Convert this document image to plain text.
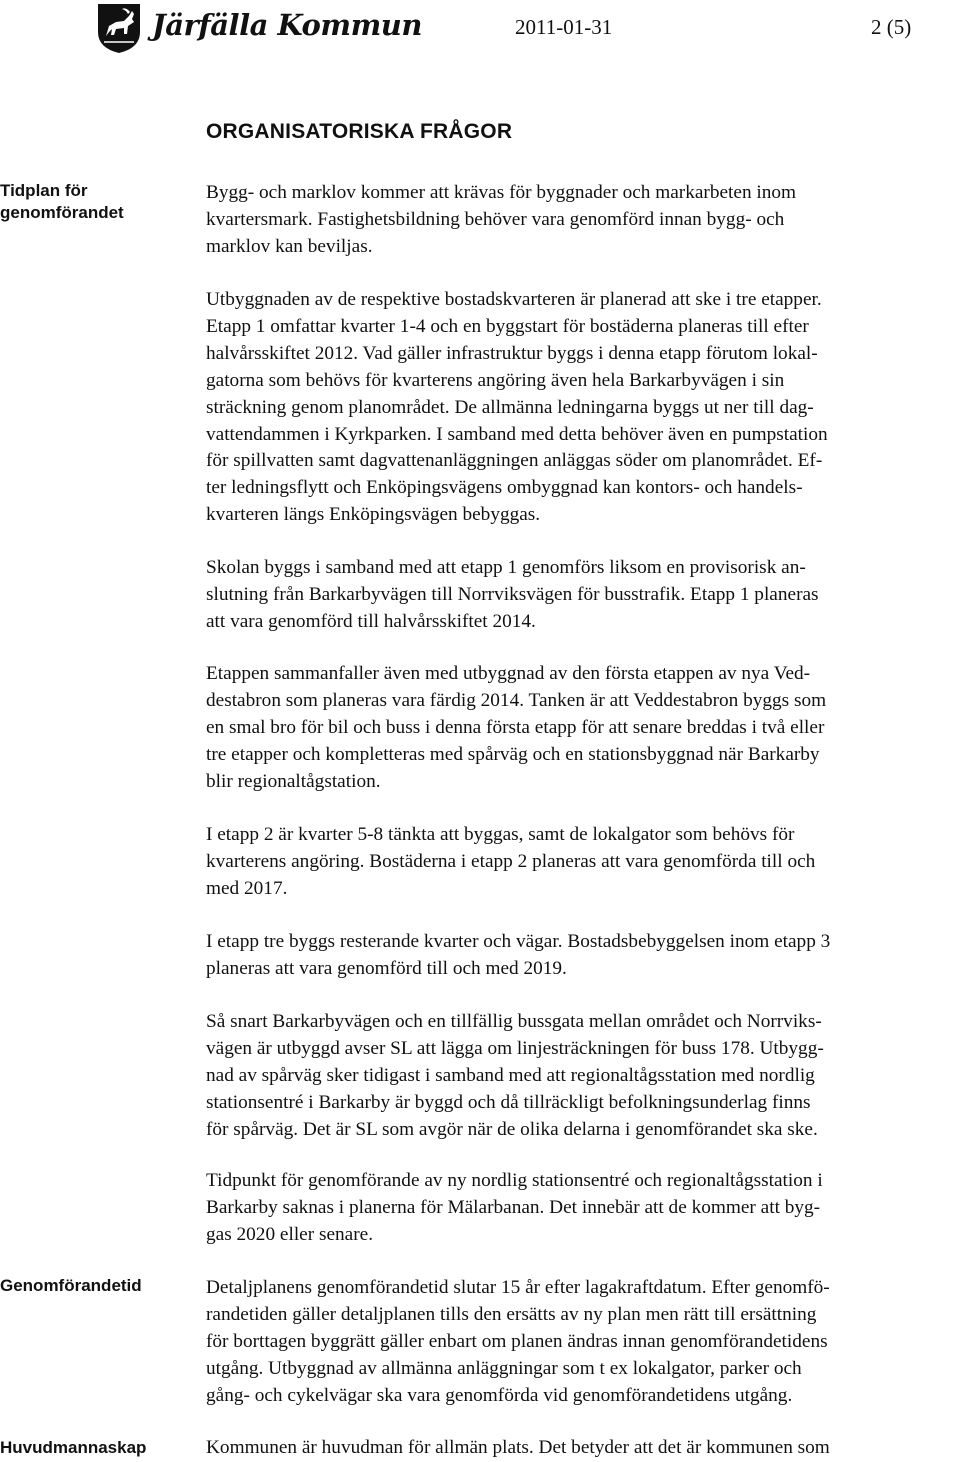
Järfälla Kommun	2011-01-31	2 (5)
ORGANISATORISKA FRÅGOR
Tidplan för
genomförandet
Genomförandetid
Huvudmannaskap
Bygg- och marklov kommer att krävas för byggnader och markarbeten inom
kvartersmark. Fastighetsbildning behöver vara genomförd innan bygg- och
marklov kan beviljas.
Utbyggnaden av de respektive bostadskvarteren är planerad att ske i tre etapper.
Etapp 1 omfattar kvarter 1-4 och en byggstart för bostäderna planeras till efter
halvårsskiftet 2012. Vad gäller infrastruktur byggs i denna etapp förutom lokal-
gatorna som behövs för kvarterens angöring även hela Barkarbyvägen i sin
sträckning genom planområdet. De allmänna ledningarna byggs ut ner till dag-
vattendammen i Kyrkparken. I samband med detta behöver även en pumpstation
för spillvatten samt dagvattenanläggningen anläggas söder om planområdet. Ef-
ter ledningsflytt och Enköpingsvägens ombyggnad kan kontors- och handels-
kvarteren längs Enköpingsvägen bebyggas.
Skolan byggs i samband med att etapp 1 genomförs liksom en provisorisk an-
slutning från Barkarbyvägen till Norrviksvägen för busstrafik. Etapp 1 planeras
att vara genomförd till halvårsskiftet 2014.
Etappen sammanfaller även med utbyggnad av den första etappen av nya Ved-
destabron som planeras vara färdig 2014. Tanken är att Veddestabron byggs som
en smal bro för bil och buss i denna första etapp för att senare breddas i två eller
tre etapper och kompletteras med spårväg och en stationsbyggnad när Barkarby
blir regionaltågstation.
I etapp 2 är kvarter 5-8 tänkta att byggas, samt de lokalgator som behövs för
kvarterens angöring. Bostäderna i etapp 2 planeras att vara genomförda till och
med 2017.
I etapp tre byggs resterande kvarter och vägar. Bostadsbebyggelsen inom etapp 3
planeras att vara genomförd till och med 2019.
Så snart Barkarbyvägen och en tillfällig bussgata mellan området och Norrviks-
vägen är utbyggd avser SL att lägga om linjesträckningen för buss 178. Utbygg-
nad av spårväg sker tidigast i samband med att regionaltågsstation med nordlig
stationsentré i Barkarby är byggd och då tillräckligt befolkningsunderlag finns
för spårväg. Det är SL som avgör när de olika delarna i genomförandet ska ske.
Tidpunkt för genomförande av ny nordlig stationsentré och regionaltågsstation i
Barkarby saknas i planerna för Mälarbanan. Det innebär att de kommer att byg-
gas 2020 eller senare.
Detaljplanens genomförandetid slutar 15 år efter lagakraftdatum. Efter genomfö-
randetiden gäller detaljplanen tills den ersätts av ny plan men rätt till ersättning
för borttagen byggrätt gäller enbart om planen ändras innan genomförandetidens
utgång. Utbyggnad av allmänna anläggningar som t ex lokalgator, parker och
gång- och cykelvägar ska vara genomförda vid genomförandetidens utgång.
Kommunen är huvudman för allmän plats. Det betyder att det är kommunen som
